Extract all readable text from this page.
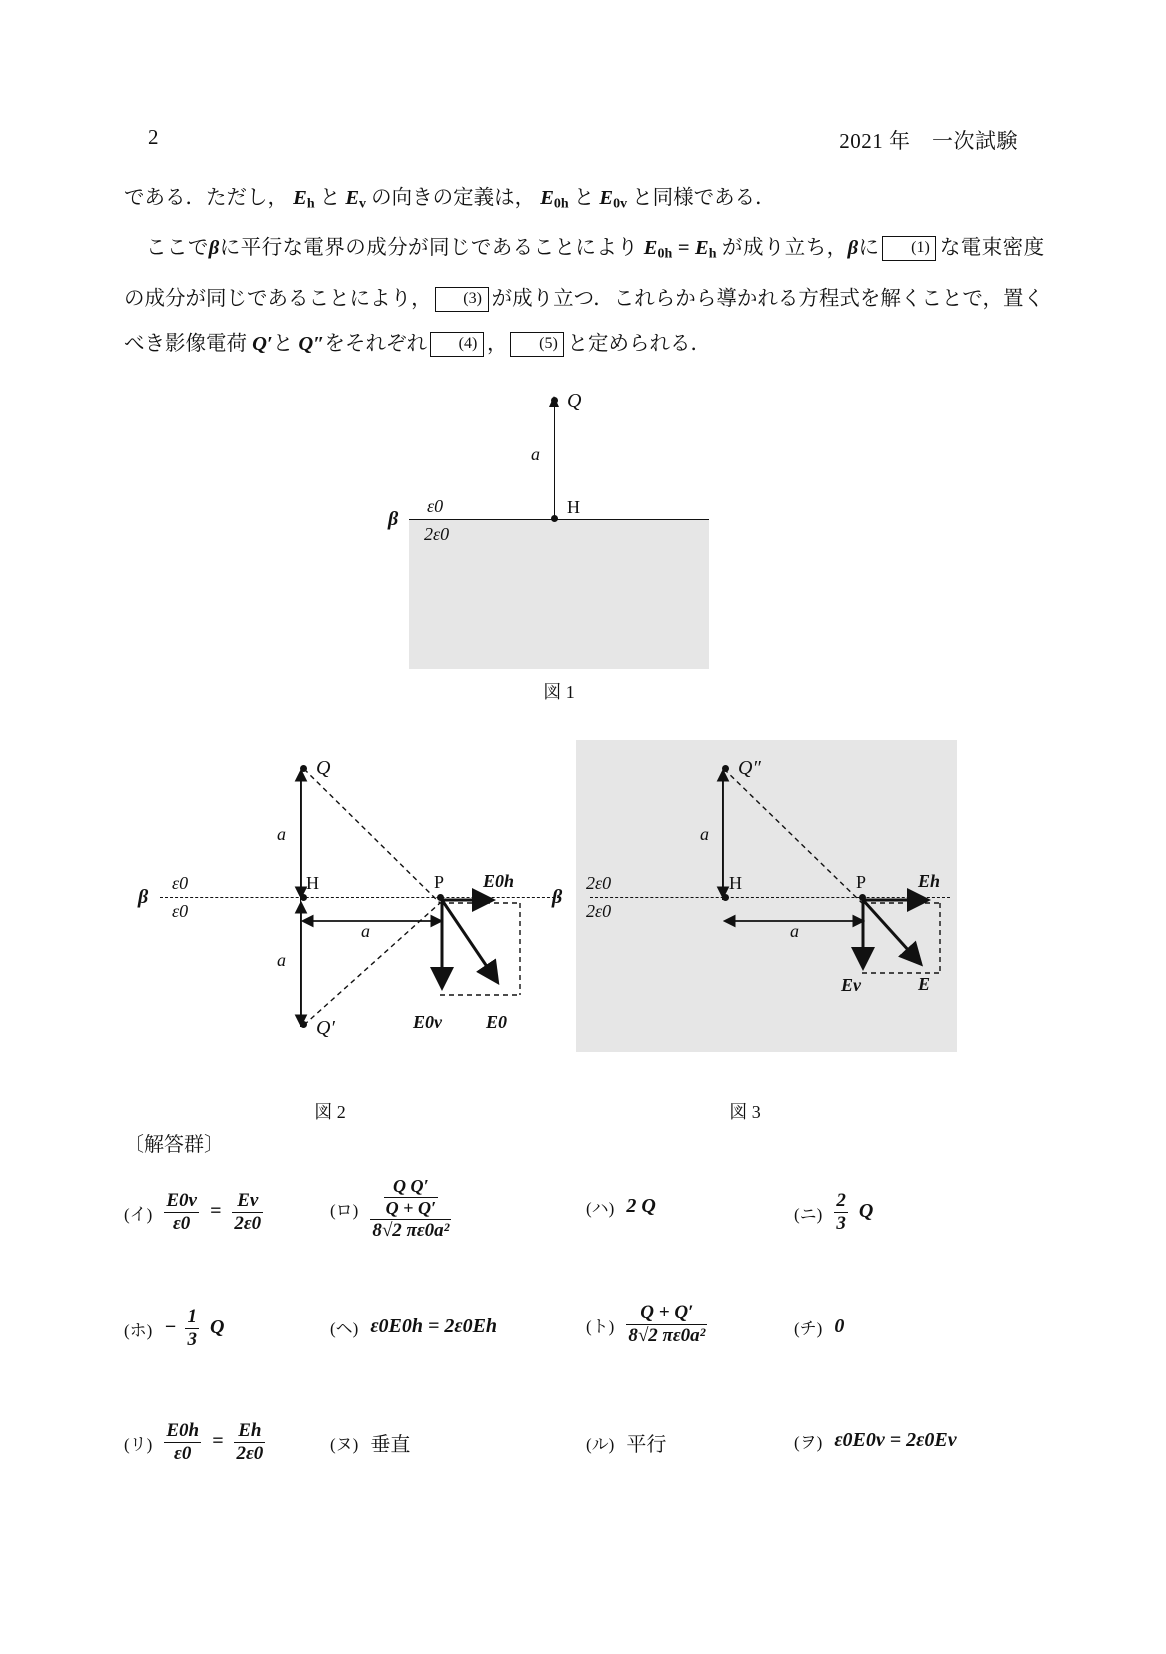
2	2021 年　一次試験

である．ただし， $E_h$ と $E_v$ の向きの定義は， $E_{0h}$ と $E_{0v}$ と同様である．

ここでβに平行な電界の成分が同じであることにより $E_{0h} = E_h$ が成り立ち，βに (1) な電束密度の成分が同じであることにより， (3) が成り立つ．これらから導かれる方程式を解くことで，置くべき影像電荷 Q′と Q″をそれぞれ (4) ， (5) と定められる．

Q
a
H
β
ε0
2ε0
図 1
Q
Q′
H	P
a
a
a
β
ε0
ε0
E0h
E0v E0
図 2
Q″
H	P
a
a
β
2ε0
2ε0
Eh
Ev	E
図 3
〔解答群〕
(イ) $\frac{E0v}{\varepsilon 0} = \frac{Ev}{2\varepsilon 0}$	(ロ) $\frac{\frac{\text{Q Q′}}{Q + Q'}}{\text{8√2 πε0a²}}$	(ハ) 2 Q	(ニ) $\frac{2}{3}$ Q
(ホ) − $\frac{1}{3}$ Q	(ヘ) ε0E0h = 2ε0Eh	(ト) $\frac{Q + Q'}{\text{8√2 πε0a²}}$	(チ) 0
(リ) $\frac{E0h}{\varepsilon 0} = \frac{Eh}{2\varepsilon 0}$	(ヌ) 垂直	(ル) 平行	(ヲ) ε0E0v = 2ε0Ev
